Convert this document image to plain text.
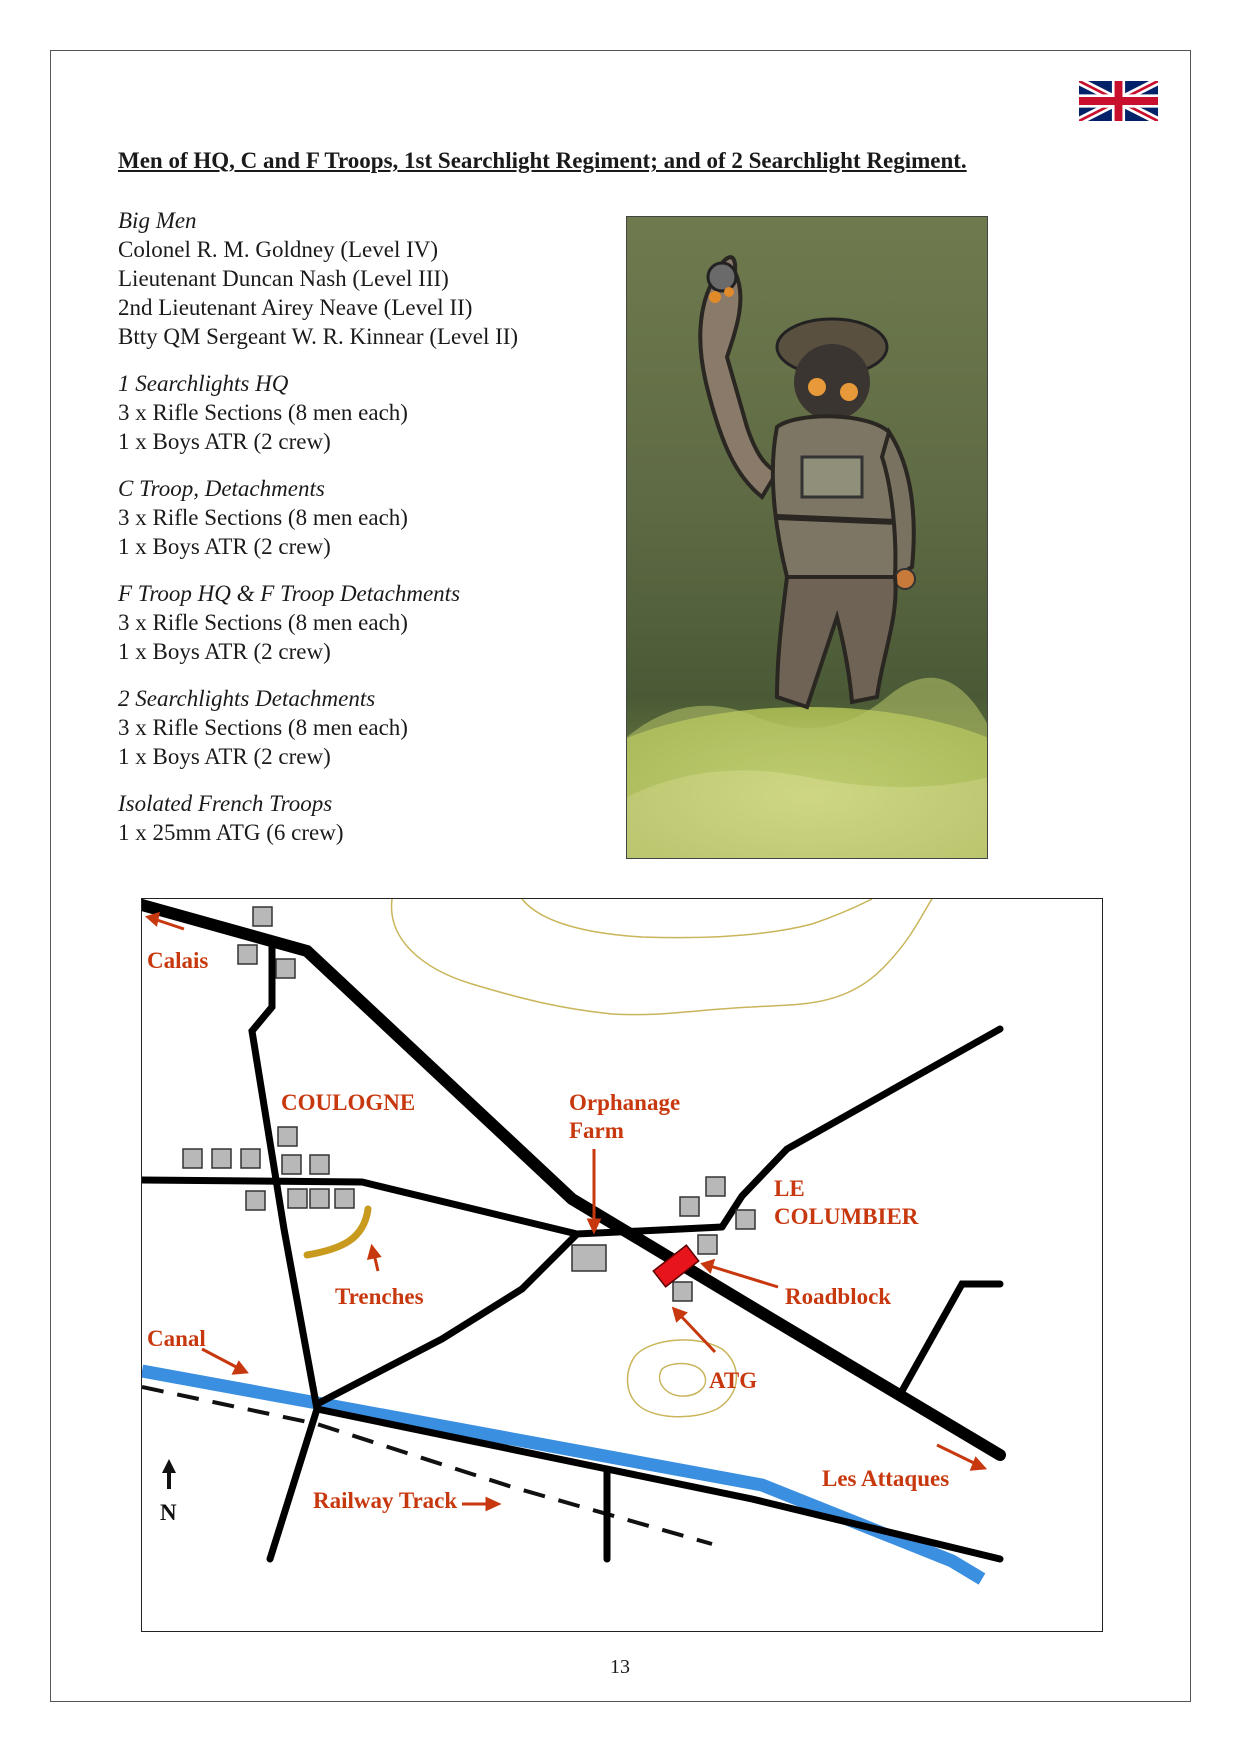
Men of HQ, C and F Troops, 1st Searchlight Regiment; and of 2 Searchlight Regiment.
Big Men
Colonel R. M. Goldney (Level IV)
Lieutenant Duncan Nash (Level III)
2nd Lieutenant Airey Neave (Level II)
Btty QM Sergeant W. R. Kinnear (Level II)
1 Searchlights HQ
3 x Rifle Sections (8 men each)
1 x Boys ATR (2 crew)
C Troop, Detachments
3 x Rifle Sections (8 men each)
1 x Boys ATR (2 crew)
F Troop HQ & F Troop Detachments
3 x Rifle Sections (8 men each)
1 x Boys ATR (2 crew)
2 Searchlights Detachments
3 x Rifle Sections (8 men each)
1 x Boys ATR (2 crew)
Isolated French Troops
1 x 25mm ATG (6 crew)
Calais
COULOGNE	Orphanage
Farm
LE
COLUMBIER
Trenches	Roadblock
Canal
ATG
Les Attaques
Railway Track
N
13
